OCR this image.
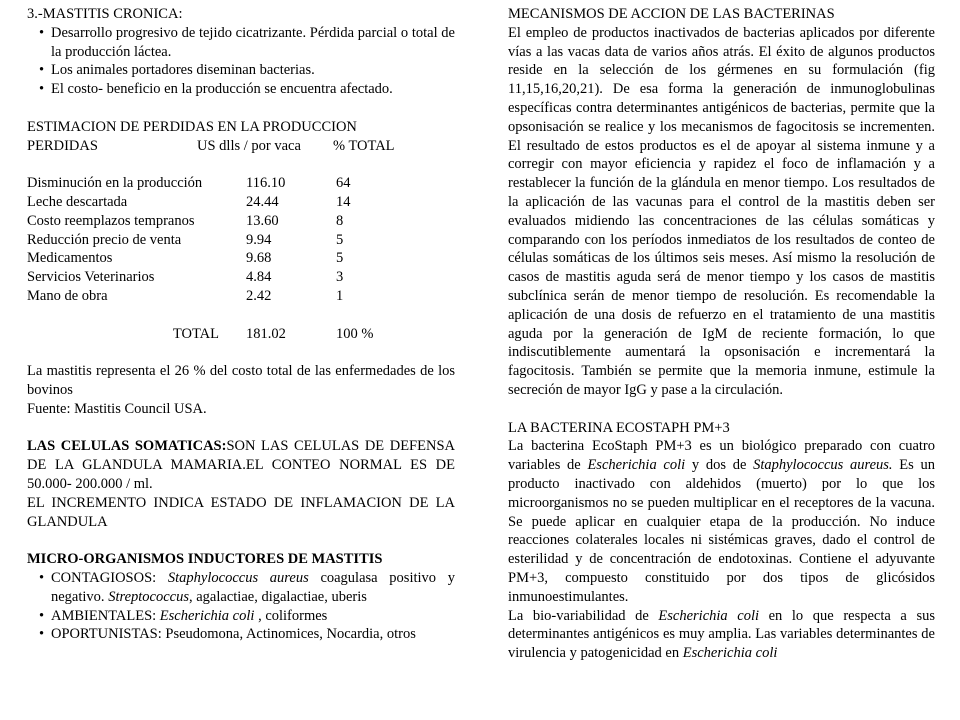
3.-MASTITIS CRONICA:

• Desarrollo progresivo de tejido cicatrizante. Pérdida parcial o total de la producción láctea.
• Los animales portadores diseminan bacterias.
• El costo- beneficio en la producción se encuentra afectado.

ESTIMACION DE PERDIDAS EN LA PRODUCCION

PERDIDAS	US dlls / por vaca	% TOTAL
Disminución en la producción	116.10	64
Leche descartada	24.44	14
Costo reemplazos tempranos	13.60	8
Reducción precio de venta	9.94	5
Medicamentos	9.68	5
Servicios Veterinarios	4.84	3
Mano de obra	2.42	1
TOTAL	181.02	100 %

La mastitis representa el 26 % del costo total de las enfermedades de los bovinos

Fuente: Mastitis Council USA.

LAS CELULAS SOMATICAS:SON LAS CELULAS DE DEFENSA DE LA GLANDULA MAMARIA.EL CONTEO NORMAL ES DE 50.000- 200.000 / ml.

EL INCREMENTO INDICA ESTADO DE INFLAMACION DE LA GLANDULA

MICRO-ORGANISMOS INDUCTORES DE MASTITIS

• CONTAGIOSOS: Staphylococcus aureus coagulasa positivo y negativo. Streptococcus, agalactiae, digalactiae, uberis
• AMBIENTALES: Escherichia coli , coliformes
• OPORTUNISTAS: Pseudomona, Actinomices, Nocardia, otros

MECANISMOS DE ACCION DE LAS BACTERINAS

El empleo de productos inactivados de bacterias aplicados por diferente vías a las vacas data de varios años atrás. El éxito de algunos productos reside en la selección de los gérmenes en su formulación (fig 11,15,16,20,21). De esa forma la generación de inmunoglobulinas específicas contra determinantes antigénicos de bacterias, permite que la opsonisación se realice y los mecanismos de fagocitosis se incrementen. El resultado de estos productos es el de apoyar al sistema inmune y a corregir con mayor eficiencia y rapidez el foco de inflamación y a restablecer la función de la glándula en menor tiempo. Los resultados de la aplicación de las vacunas para el control de la mastitis deben ser evaluados midiendo las concentraciones de las células somáticas y comparando con los períodos inmediatos de los resultados de conteo de células somáticas de los últimos seis meses. Así mismo la resolución de casos de mastitis aguda será de menor tiempo y los casos de mastitis subclínica serán de menor tiempo de resolución. Es recomendable la aplicación de una dosis de refuerzo en el tratamiento de una mastitis aguda por la generación de IgM de reciente formación, lo que indiscutiblemente aumentará la opsonisación e incrementará la fagocitosis. También se permite que la memoria inmune, estimule la secreción de mayor IgG y pase a la circulación.

LA BACTERINA ECOSTAPH PM+3

La bacterina EcoStaph PM+3 es un biológico preparado con cuatro variables de Escherichia coli y dos de Staphylococcus aureus. Es un producto inactivado con aldehidos (muerto) por lo que los microorganismos no se pueden multiplicar en el receptores de la vacuna. Se puede aplicar en cualquier etapa de la producción. No induce reacciones colaterales locales ni sistémicas graves, dado el control de esterilidad y de concentración de endotoxinas. Contiene el adyuvante PM+3, compuesto constituido por dos tipos de glicósidos inmunoestimulantes.

La bio-variabilidad de Escherichia coli en lo que respecta a sus determinantes antigénicos es muy amplia. Las variables determinantes de virulencia y patogenicidad en Escherichia coli
